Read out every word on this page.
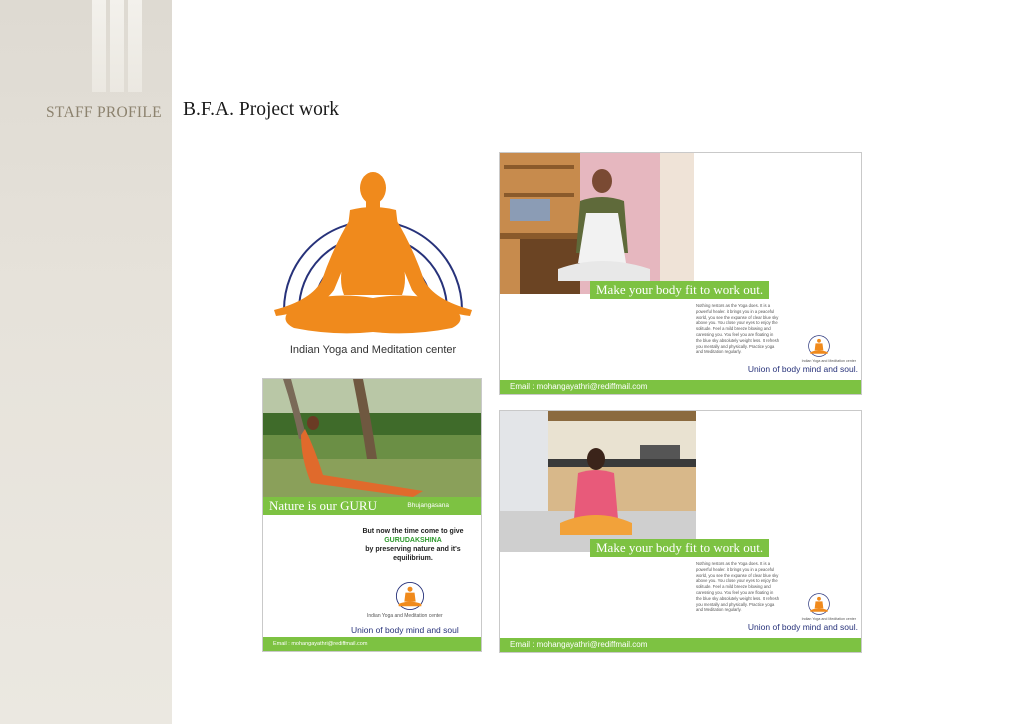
STAFF PROFILE B.F.A. Project work
Indian Yoga and Meditation center
Make your body fit to work out.
Nothing restors as the Yoga does. It is a powerful healer. it brings you in a peaceful world, you see the expanse of clear blue sky above you. You close your eyes to enjoy the solitude. Feel a mild breeze blowing and caressing you. You feel you are floating in the blue sky absolutely weight less. It refresh you mentally and physically. Practice yoga and Meditation regularly.
Indian Yoga and Meditation center
Union of body mind and soul.
Email : mohangayathri@rediffmail.com
Nature is our GURU	Bhujangasana
But now the time come to give
GURUDAKSHINA
by preserving nature and it's equilibrium.
Indian Yoga and Meditation center
Union of body mind and soul
Email : mohangayathri@rediffmail.com
Make your body fit to work out.
Nothing restors as the Yoga does. It is a powerful healer. it brings you in a peaceful world, you see the expanse of clear blue sky above you. You close your eyes to enjoy the solitude. Feel a mild breeze blowing and caressing you. You feel you are floating in the blue sky absolutely weight less. It refresh you mentally and physically. Practice yoga and Meditation regularly.
Indian Yoga and Meditation center
Union of body mind and soul.
Email : mohangayathri@rediffmail.com
